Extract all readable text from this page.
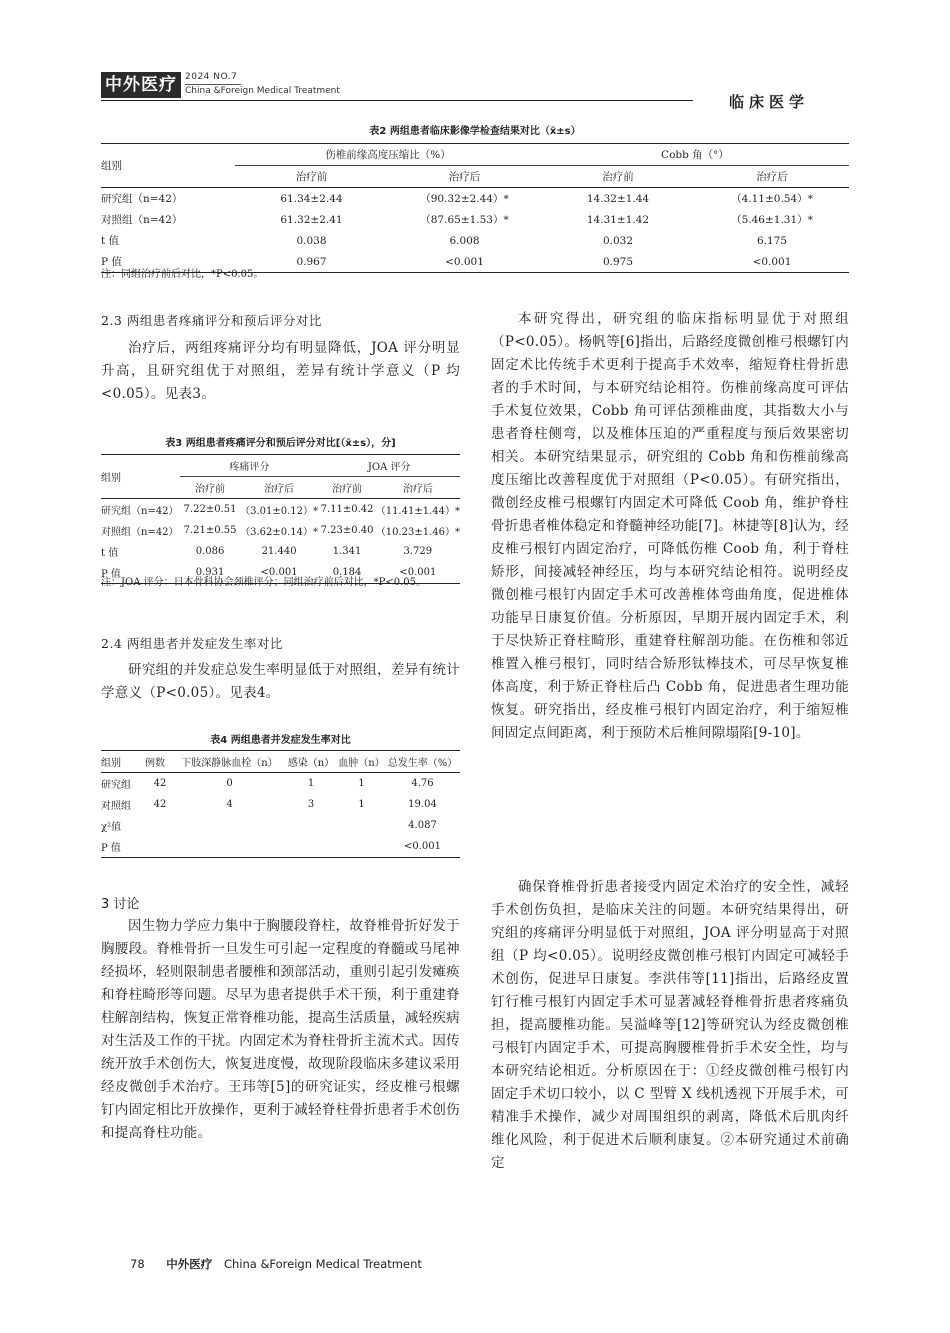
中外医疗 2024 NO.7
China &Foreign Medical Treatment
临床医学
表2 两组患者临床影像学检查结果对比（x̄±s）
组别	伤椎前缘高度压缩比（%）		Cobb 角（°）	
	治疗前	治疗后	治疗前	治疗后
研究组（n=42）	61.34±2.44	（90.32±2.44）*	14.32±1.44	（4.11±0.54）*
对照组（n=42）	61.32±2.41	（87.65±1.53）*	14.31±1.42	（5.46±1.31）*
t 值	0.038	6.008	0.032	6.175
P 值	0.967	<0.001	0.975	<0.001
注：同组治疗前后对比，*P<0.05。
2.3 两组患者疼痛评分和预后评分对比
治疗后，两组疼痛评分均有明显降低，JOA 评分明显升高，且研究组优于对照组，差异有统计学意义（P 均<0.05）。见表3。
表3 两组患者疼痛评分和预后评分对比[（x̄±s），分]
组别	疼痛评分		JOA 评分	
	治疗前	治疗后	治疗前	治疗后
研究组（n=42）	7.22±0.51	（3.01±0.12）*	7.11±0.42	（11.41±1.44）*
对照组（n=42）	7.21±0.55	（3.62±0.14）*	7.23±0.40	（10.23±1.46）*
t 值	0.086	21.440	1.341	3.729
P 值	0.931	<0.001	0.184	<0.001
注：JOA 评分：日本骨科协会颈椎评分；同组治疗前后对比，*P<0.05。
2.4 两组患者并发症发生率对比
研究组的并发症总发生率明显低于对照组，差异有统计学意义（P<0.05）。见表4。
表4 两组患者并发症发生率对比
组别	例数	下肢深静脉血栓（n）	感染（n）	血肿（n）	总发生率（%）
研究组	42	0	1	1	4.76
对照组	42	4	3	1	19.04
χ²值					4.087
P 值					<0.001
3 讨论
因生物力学应力集中于胸腰段脊柱，故脊椎骨折好发于胸腰段。脊椎骨折一旦发生可引起一定程度的脊髓或马尾神经损坏，轻则限制患者腰椎和颈部活动，重则引起引发瘫痪和脊柱畸形等问题。尽早为患者提供手术干预，利于重建脊柱解剖结构，恢复正常脊椎功能，提高生活质量，减轻疾病对生活及工作的干扰。内固定术为脊柱骨折主流术式。因传统开放手术创伤大，恢复进度慢，故现阶段临床多建议采用经皮微创手术治疗。王玮等[5]的研究证实，经皮椎弓根螺钉内固定相比开放操作，更利于减轻脊柱骨折患者手术创伤和提高脊柱功能。
本研究得出，研究组的临床指标明显优于对照组（P<0.05）。杨帆等[6]指出，后路经度微创椎弓根螺钉内固定术比传统手术更利于提高手术效率，缩短脊柱骨折患者的手术时间，与本研究结论相符。伤椎前缘高度可评估手术复位效果，Cobb 角可评估颈椎曲度，其指数大小与患者脊柱侧弯，以及椎体压迫的严重程度与预后效果密切相关。本研究结果显示，研究组的 Cobb 角和伤椎前缘高度压缩比改善程度优于对照组（P<0.05）。有研究指出，微创经皮椎弓根螺钉内固定术可降低 Coob 角，维护脊柱骨折患者椎体稳定和脊髓神经功能[7]。林捷等[8]认为，经皮椎弓根钉内固定治疗，可降低伤椎 Coob 角，利于脊柱矫形，间接减轻神经压，均与本研究结论相符。说明经皮微创椎弓根钉内固定手术可改善椎体弯曲角度，促进椎体功能早日康复价值。分析原因，早期开展内固定手术，利于尽快矫正脊柱畸形，重建脊柱解剖功能。在伤椎和邻近椎置入椎弓根钉，同时结合矫形钛棒技术，可尽早恢复椎体高度，利于矫正脊柱后凸 Cobb 角，促进患者生理功能恢复。研究指出，经皮椎弓根钉内固定治疗，利于缩短椎间固定点间距离，利于预防术后椎间隙塌陷[9-10]。
确保脊椎骨折患者接受内固定术治疗的安全性，减轻手术创伤负担，是临床关注的问题。本研究结果得出，研究组的疼痛评分明显低于对照组，JOA 评分明显高于对照组（P 均<0.05）。说明经皮微创椎弓根钉内固定可减轻手术创伤，促进早日康复。李洪伟等[11]指出，后路经皮置钉行椎弓根钉内固定手术可显著减轻脊椎骨折患者疼痛负担，提高腰椎功能。吴溢峰等[12]等研究认为经皮微创椎弓根钉内固定手术，可提高胸腰椎骨折手术安全性，均与本研究结论相近。分析原因在于：①经皮微创椎弓根钉内固定手术切口较小，以 C 型臂 X 线机透视下开展手术，可精准手术操作，减少对周围组织的剥离，降低术后肌肉纤维化风险，利于促进术后顺利康复。②本研究通过术前确定
78 中外医疗 China &Foreign Medical Treatment
